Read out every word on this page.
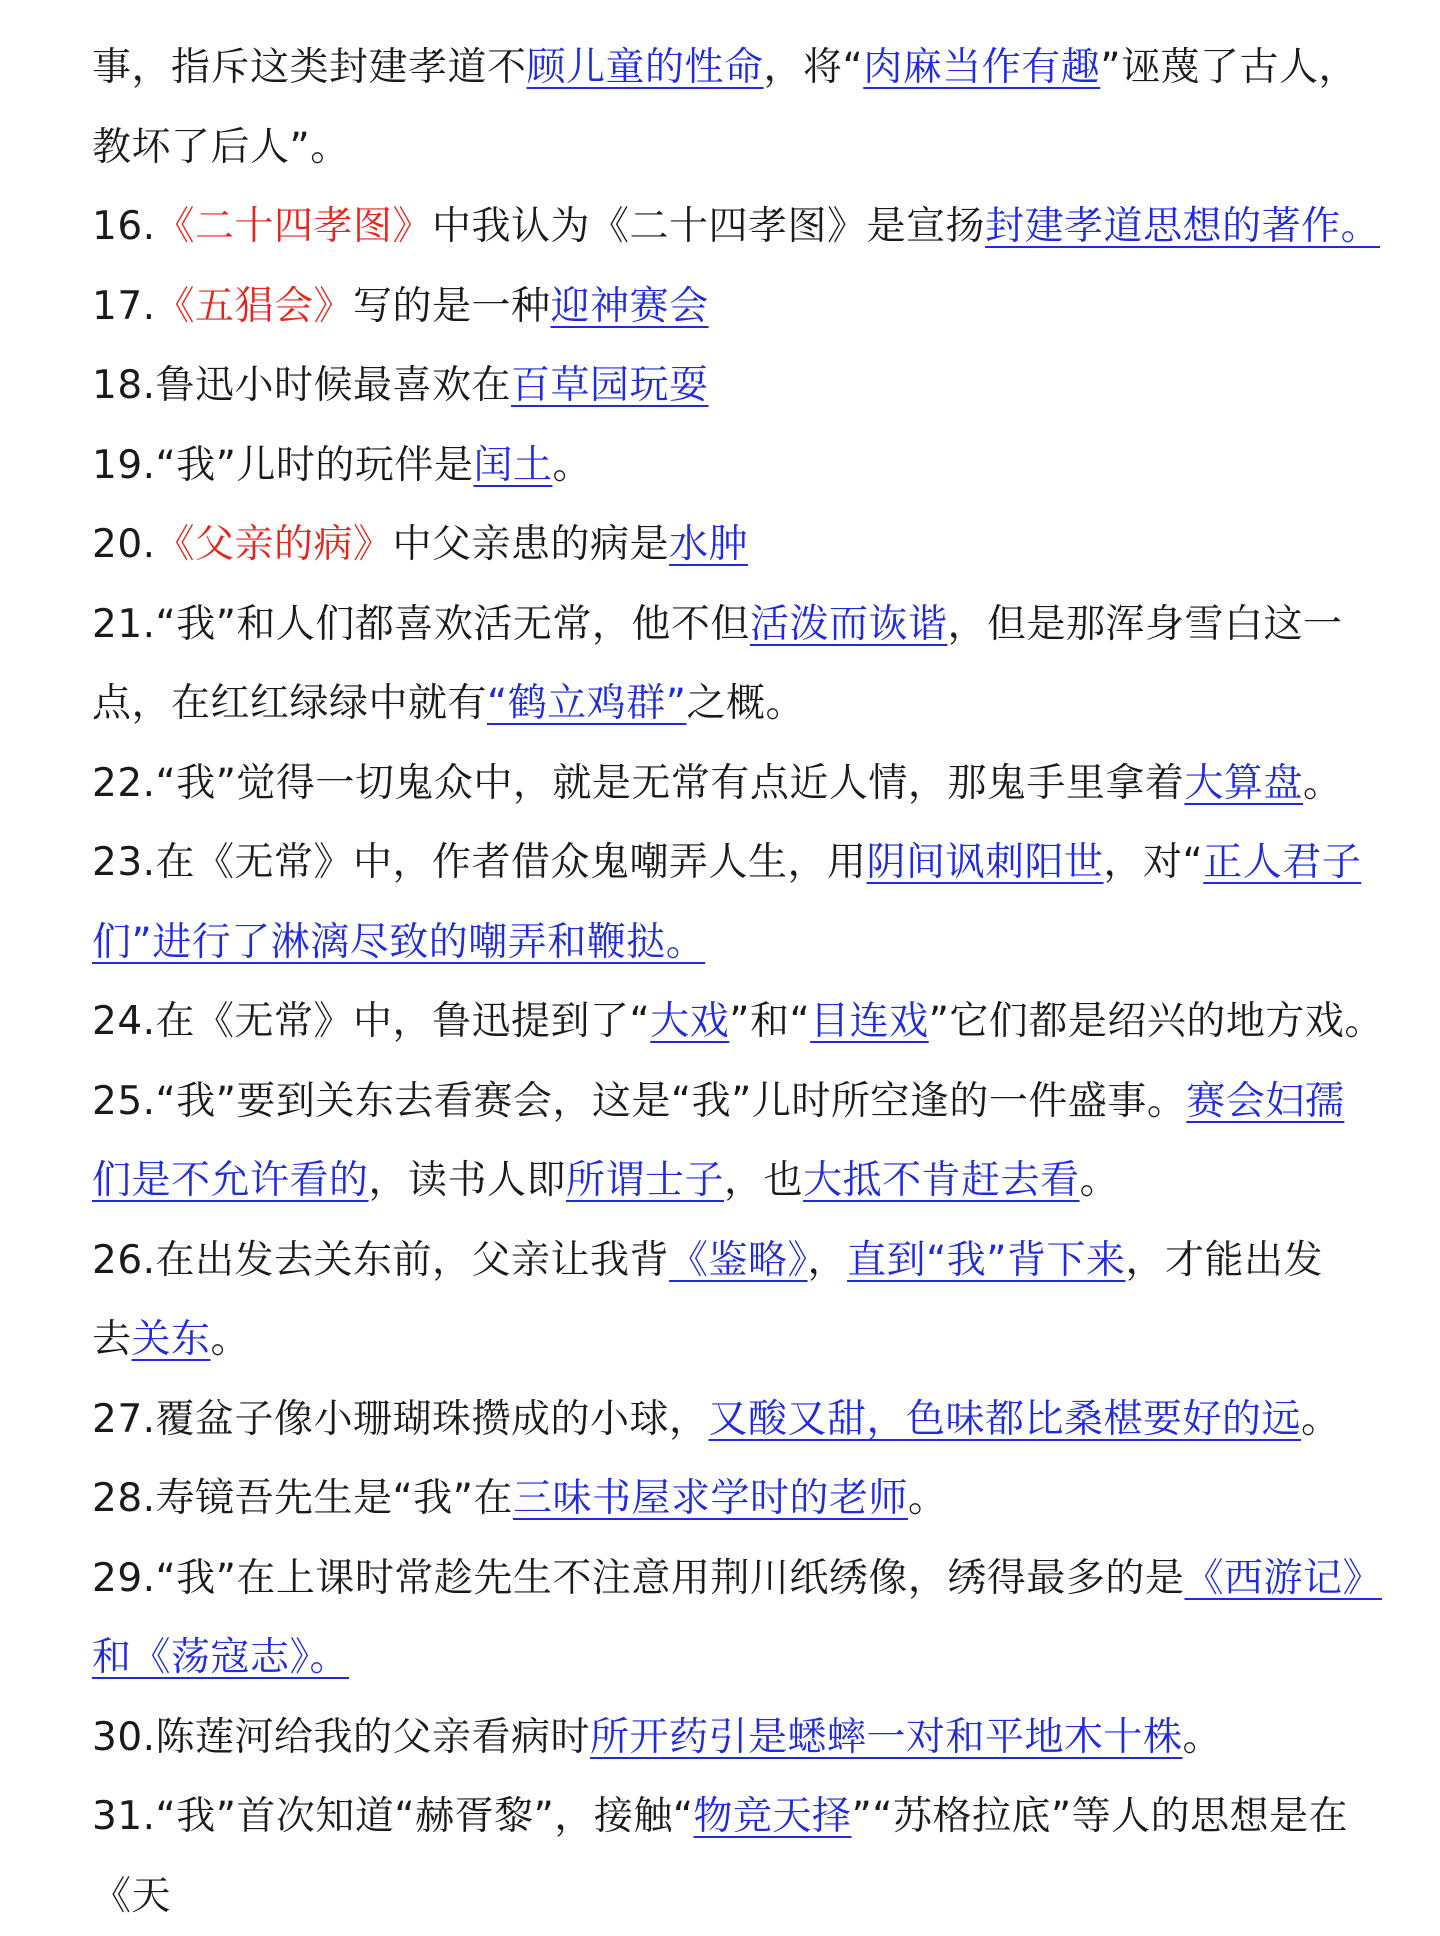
事，指斥这类封建孝道不顾儿童的性命，将“肉麻当作有趣”诬蔑了古人，
教坏了后人”。
16.《二十四孝图》中我认为《二十四孝图》是宣扬封建孝道思想的著作。
17.《五猖会》写的是一种迎神赛会
18.鲁迅小时候最喜欢在百草园玩耍
19.“我”儿时的玩伴是闰土。
20.《父亲的病》中父亲患的病是水肿
21.“我”和人们都喜欢活无常，他不但活泼而诙谐，但是那浑身雪白这一
点，在红红绿绿中就有“鹤立鸡群”之概。
22.“我”觉得一切鬼众中，就是无常有点近人情，那鬼手里拿着大算盘。
23.在《无常》中，作者借众鬼嘲弄人生，用阴间讽刺阳世，对“正人君子
们”进行了淋漓尽致的嘲弄和鞭挞。
24.在《无常》中，鲁迅提到了“大戏”和“目连戏”它们都是绍兴的地方戏。
25.“我”要到关东去看赛会，这是“我”儿时所空逢的一件盛事。赛会妇孺
们是不允许看的，读书人即所谓士子，也大抵不肯赶去看。
26.在出发去关东前，父亲让我背《鉴略》，直到“我”背下来，才能出发
去关东。
27.覆盆子像小珊瑚珠攒成的小球，又酸又甜，色味都比桑椹要好的远。
28.寿镜吾先生是“我”在三味书屋求学时的老师。
29.“我”在上课时常趁先生不注意用荆川纸绣像，绣得最多的是《西游记》
和《荡寇志》。
30.陈莲河给我的父亲看病时所开药引是蟋蟀一对和平地木十株。
31.“我”首次知道“赫胥黎”，接触“物竞天择”“苏格拉底”等人的思想是在
《天
